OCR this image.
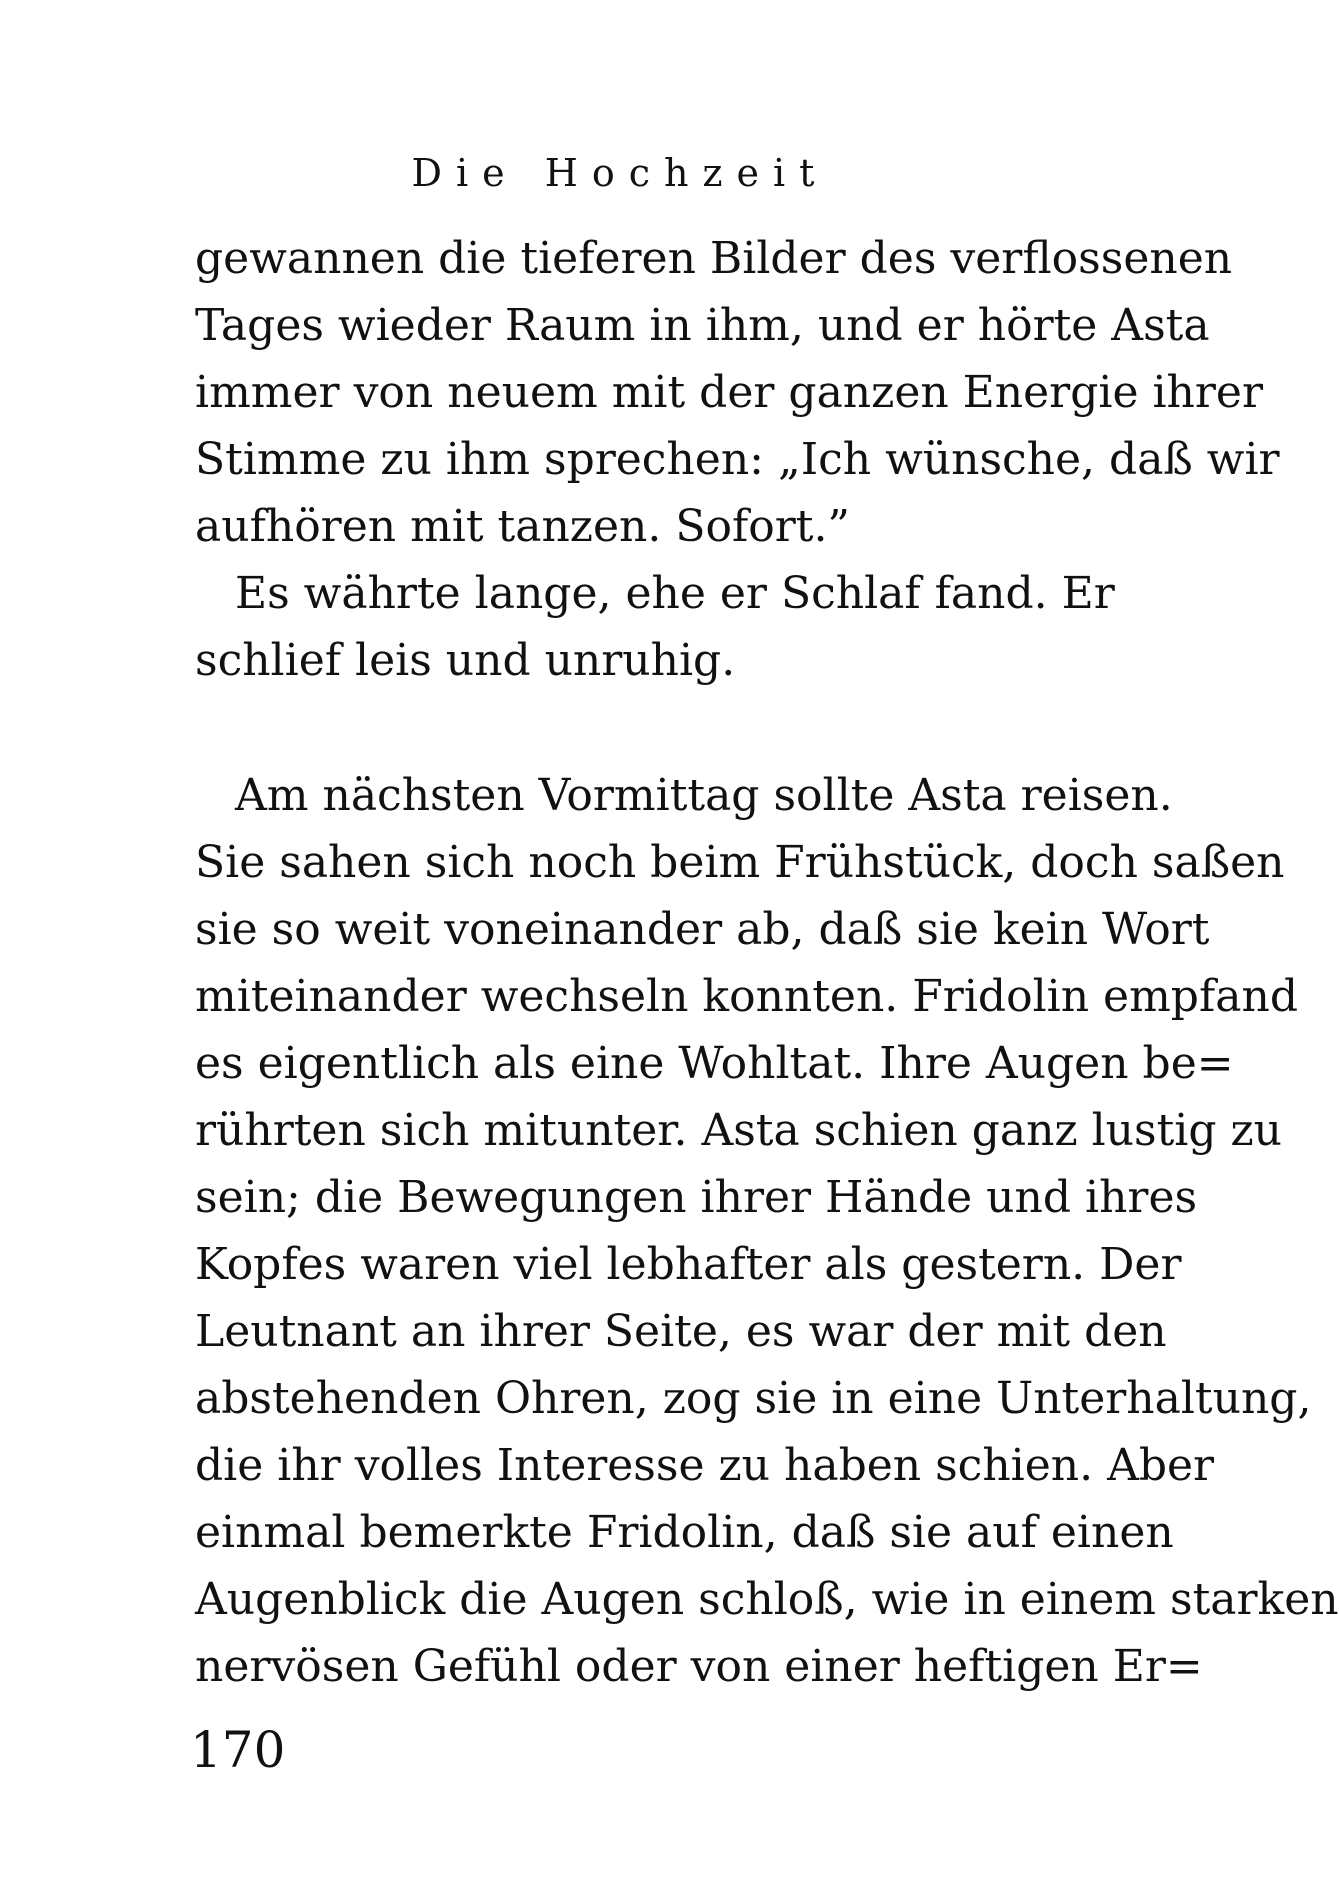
Die Hochzeit
gewannen die tieferen Bilder des verflossenen
Tages wieder Raum in ihm, und er hörte Asta
immer von neuem mit der ganzen Energie ihrer
Stimme zu ihm sprechen: „Ich wünsche, daß wir
aufhören mit tanzen. Sofort.”
Es währte lange, ehe er Schlaf fand. Er
schlief leis und unruhig.
Am nächsten Vormittag sollte Asta reisen.
Sie sahen sich noch beim Frühstück, doch saßen
sie so weit voneinander ab, daß sie kein Wort
miteinander wechseln konnten. Fridolin empfand
es eigentlich als eine Wohltat. Ihre Augen be=
rührten sich mitunter. Asta schien ganz lustig zu
sein; die Bewegungen ihrer Hände und ihres
Kopfes waren viel lebhafter als gestern. Der
Leutnant an ihrer Seite, es war der mit den
abstehenden Ohren, zog sie in eine Unterhaltung,
die ihr volles Interesse zu haben schien. Aber
einmal bemerkte Fridolin, daß sie auf einen
Augenblick die Augen schloß, wie in einem starken
nervösen Gefühl oder von einer heftigen Er=
170
